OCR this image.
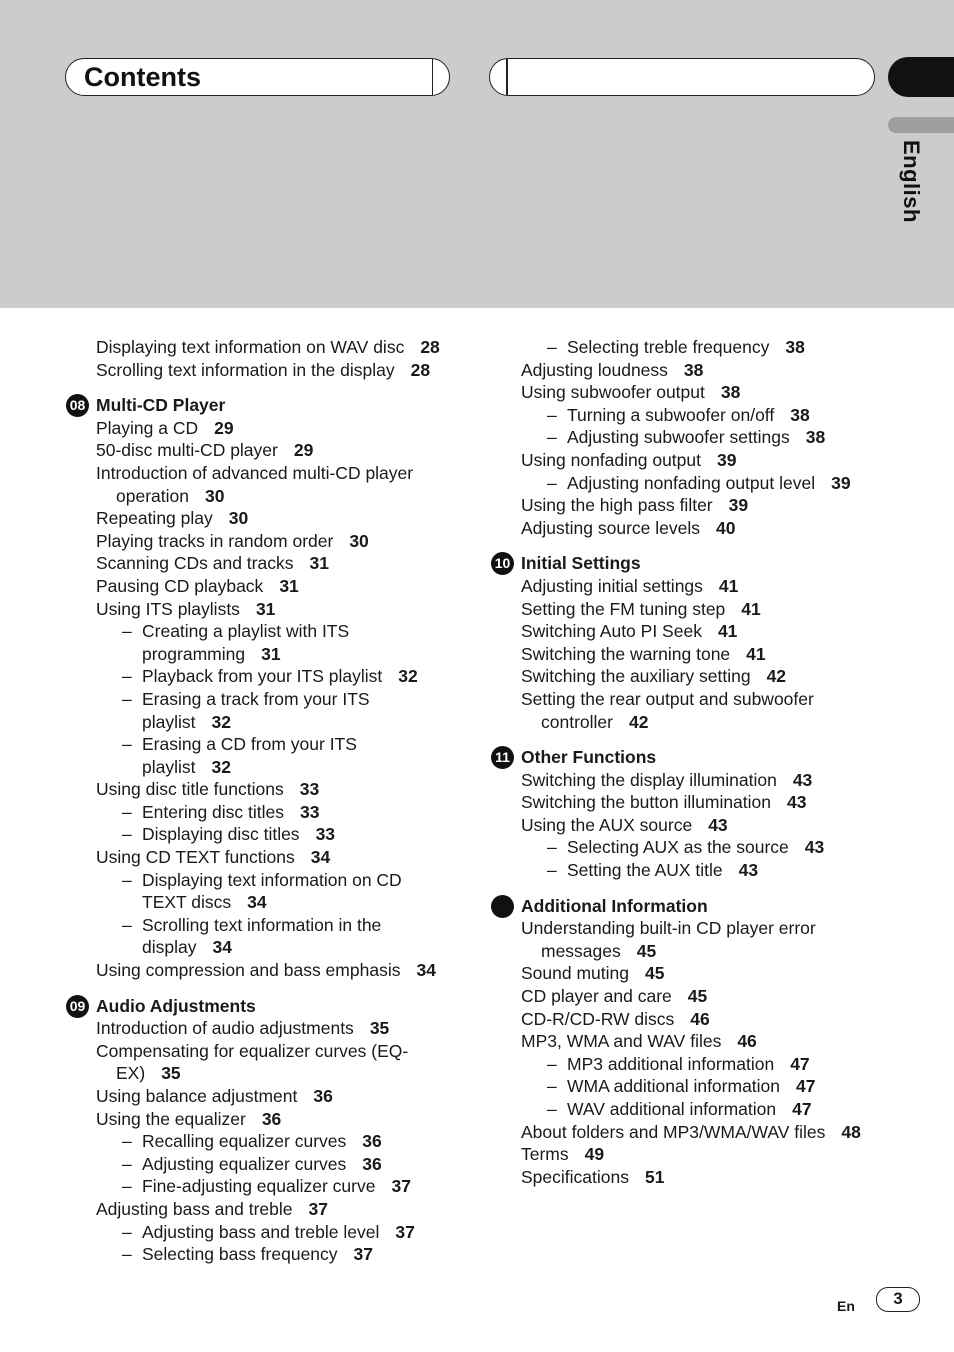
Contents
English
Displaying text information on WAV disc 28
Scrolling text information in the display 28
08 Multi-CD Player
Playing a CD 29
50-disc multi-CD player 29
Introduction of advanced multi-CD player
operation 30
Repeating play 30
Playing tracks in random order 30
Scanning CDs and tracks 31
Pausing CD playback 31
Using ITS playlists 31
– Creating a playlist with ITS
programming 31
– Playback from your ITS playlist 32
– Erasing a track from your ITS
playlist 32
– Erasing a CD from your ITS
playlist 32
Using disc title functions 33
– Entering disc titles 33
– Displaying disc titles 33
Using CD TEXT functions 34
– Displaying text information on CD
TEXT discs 34
– Scrolling text information in the
display 34
Using compression and bass emphasis 34
09 Audio Adjustments
Introduction of audio adjustments 35
Compensating for equalizer curves (EQ-
EX) 35
Using balance adjustment 36
Using the equalizer 36
– Recalling equalizer curves 36
– Adjusting equalizer curves 36
– Fine-adjusting equalizer curve 37
Adjusting bass and treble 37
– Adjusting bass and treble level 37
– Selecting bass frequency 37
– Selecting treble frequency 38
Adjusting loudness 38
Using subwoofer output 38
– Turning a subwoofer on/off 38
– Adjusting subwoofer settings 38
Using nonfading output 39
– Adjusting nonfading output level 39
Using the high pass filter 39
Adjusting source levels 40
10 Initial Settings
Adjusting initial settings 41
Setting the FM tuning step 41
Switching Auto PI Seek 41
Switching the warning tone 41
Switching the auxiliary setting 42
Setting the rear output and subwoofer
controller 42
11 Other Functions
Switching the display illumination 43
Switching the button illumination 43
Using the AUX source 43
– Selecting AUX as the source 43
– Setting the AUX title 43
Additional Information
Understanding built-in CD player error
messages 45
Sound muting 45
CD player and care 45
CD-R/CD-RW discs 46
MP3, WMA and WAV files 46
– MP3 additional information 47
– WMA additional information 47
– WAV additional information 47
About folders and MP3/WMA/WAV files 48
Terms 49
Specifications 51
En	3
